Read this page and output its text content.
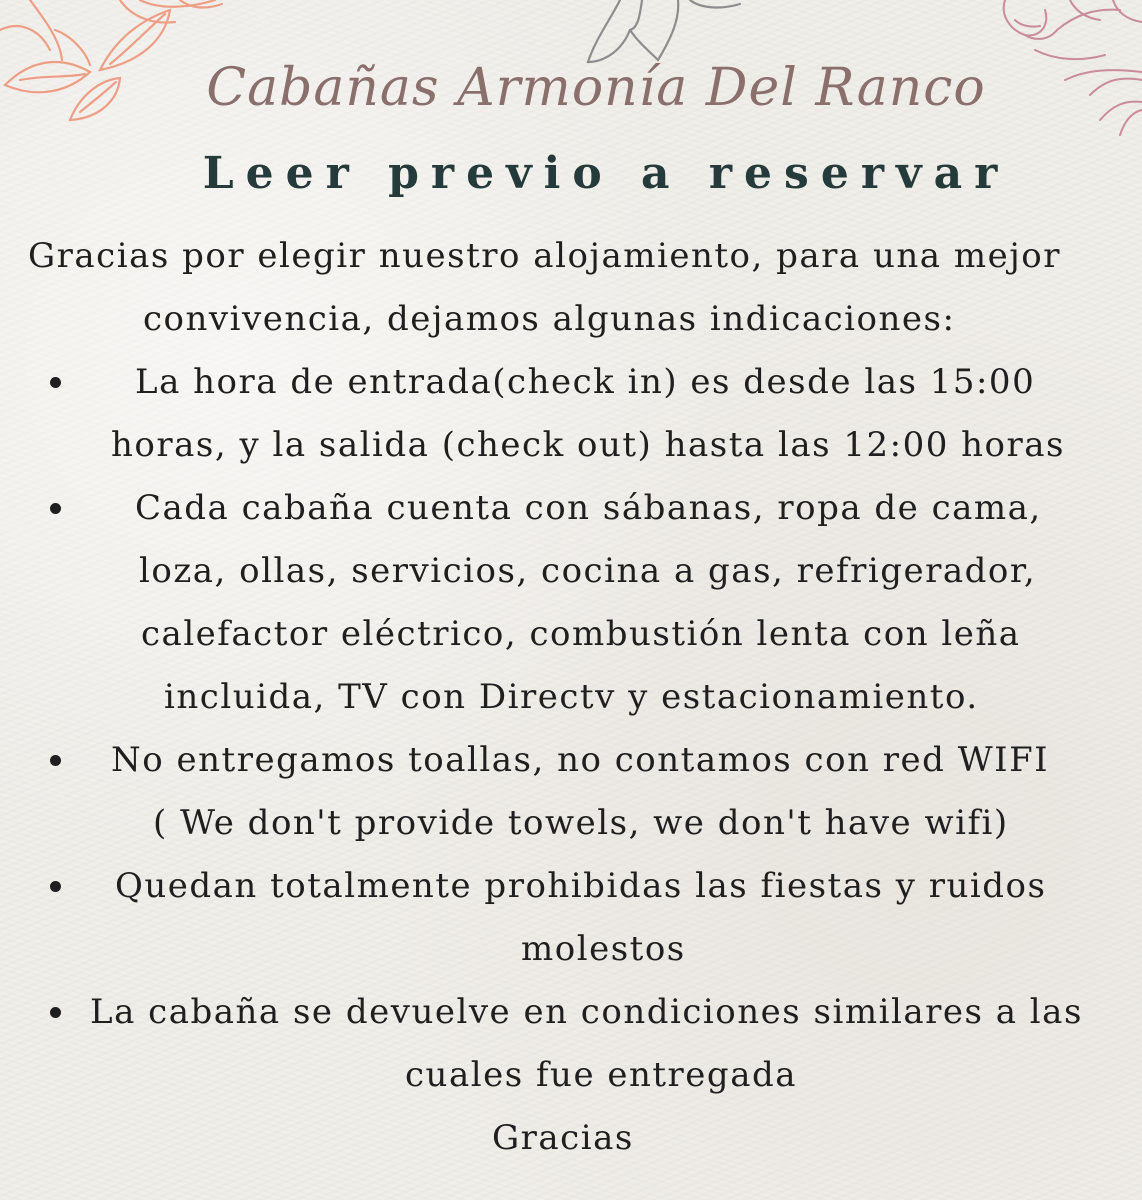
Cabañas Armonía Del Ranco
Leer previo a reservar
Gracias por elegir nuestro alojamiento, para una mejor
convivencia, dejamos algunas indicaciones:
La hora de entrada(check in) es desde las 15:00
horas, y la salida (check out) hasta las 12:00 horas
Cada cabaña cuenta con sábanas, ropa de cama,
loza, ollas, servicios, cocina a gas, refrigerador,
calefactor eléctrico, combustión lenta con leña
incluida, TV con Directv y estacionamiento.
No entregamos toallas, no contamos con red WIFI
( We don't provide towels, we don't have wifi)
Quedan totalmente prohibidas las fiestas y ruidos
molestos
La cabaña se devuelve en condiciones similares a las
cuales fue entregada
Gracias
